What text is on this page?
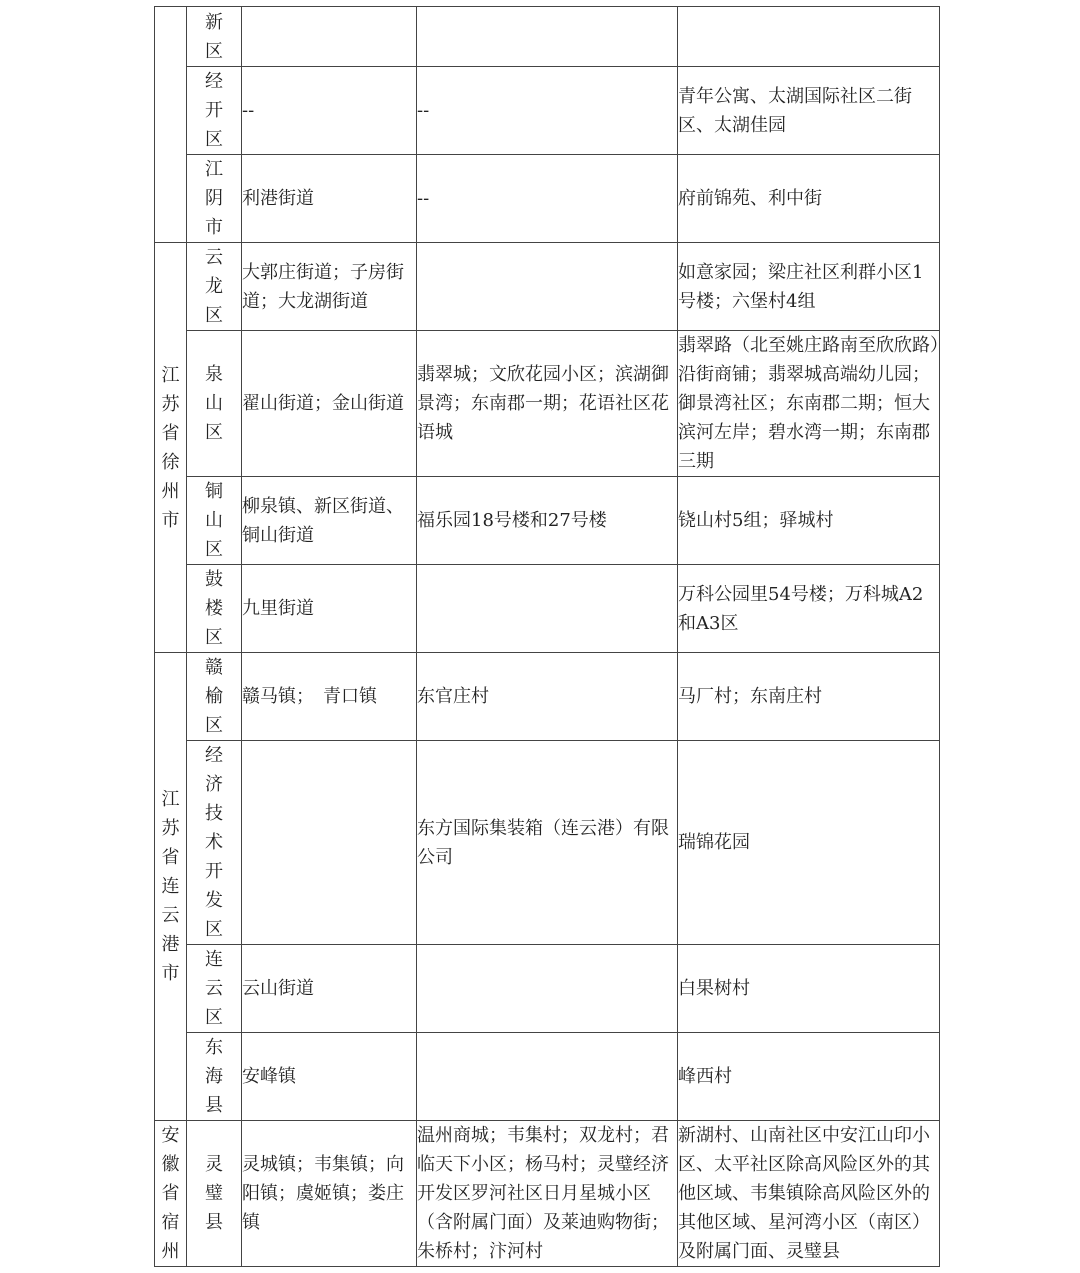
	新区			

	经开区	--	--	青年公寓、太湖国际社区二街区、太湖佳园

	江阴市	利港街道	--	府前锦苑、利中街

江苏省徐州市	云龙区	大郭庄街道；子房街道；大龙湖街道		如意家园；梁庄社区利群小区1号楼；六堡村4组

	泉山区	翟山街道；金山街道	翡翠城；文欣花园小区；滨湖御景湾；东南郡一期；花语社区花语城	翡翠路（北至姚庄路南至欣欣路）沿街商铺；翡翠城高端幼儿园；御景湾社区；东南郡二期；恒大滨河左岸；碧水湾一期；东南郡三期

	铜山区	柳泉镇、新区街道、铜山街道	福乐园18号楼和27号楼	铙山村5组；驿城村

	鼓楼区	九里街道		万科公园里54号楼；万科城A2和A3区

江苏省连云港市	赣榆区	赣马镇；　青口镇	东官庄村	马厂村；东南庄村

	经济技术开发区		东方国际集装箱（连云港）有限公司	瑞锦花园

	连云区	云山街道		白果树村

	东海县	安峰镇		峰西村

安徽省宿州	灵璧县	灵城镇；韦集镇；向阳镇；虞姬镇；娄庄镇	温州商城；韦集村；双龙村；君临天下小区；杨马村；灵璧经济开发区罗河社区日月星城小区（含附属门面）及莱迪购物街；朱桥村；汴河村	新湖村、山南社区中安江山印小区、太平社区除高风险区外的其他区域、韦集镇除高风险区外的其他区域、星河湾小区（南区）及附属门面、灵璧县
